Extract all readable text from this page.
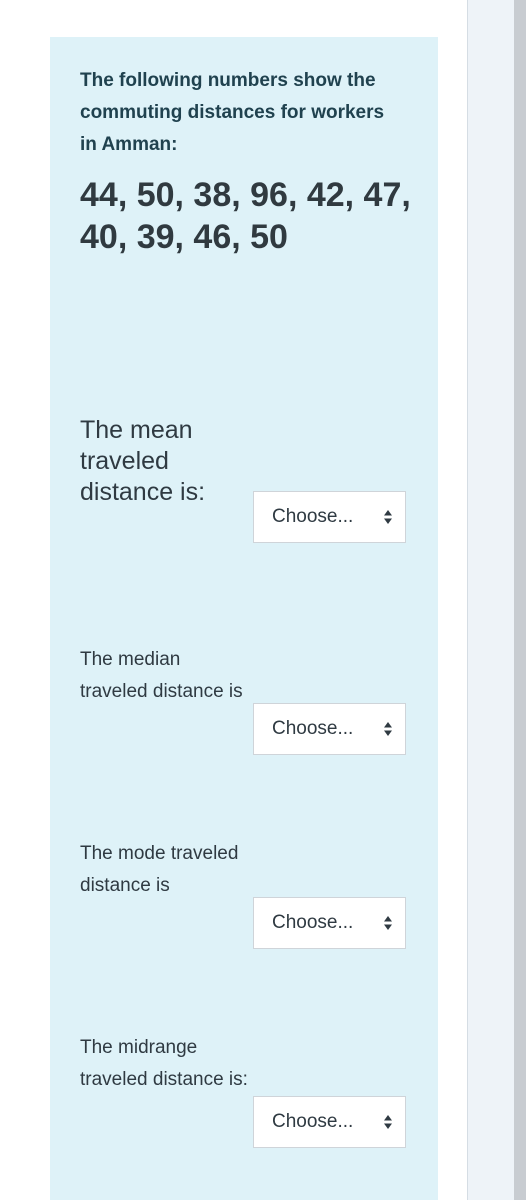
The following numbers show the commuting distances for workers in Amman:
44, 50, 38, 96, 42, 47, 40, 39, 46, 50
The mean traveled distance is:
Choose...
The median traveled distance is
Choose...
The mode traveled distance is
Choose...
The midrange traveled distance is:
Choose...
